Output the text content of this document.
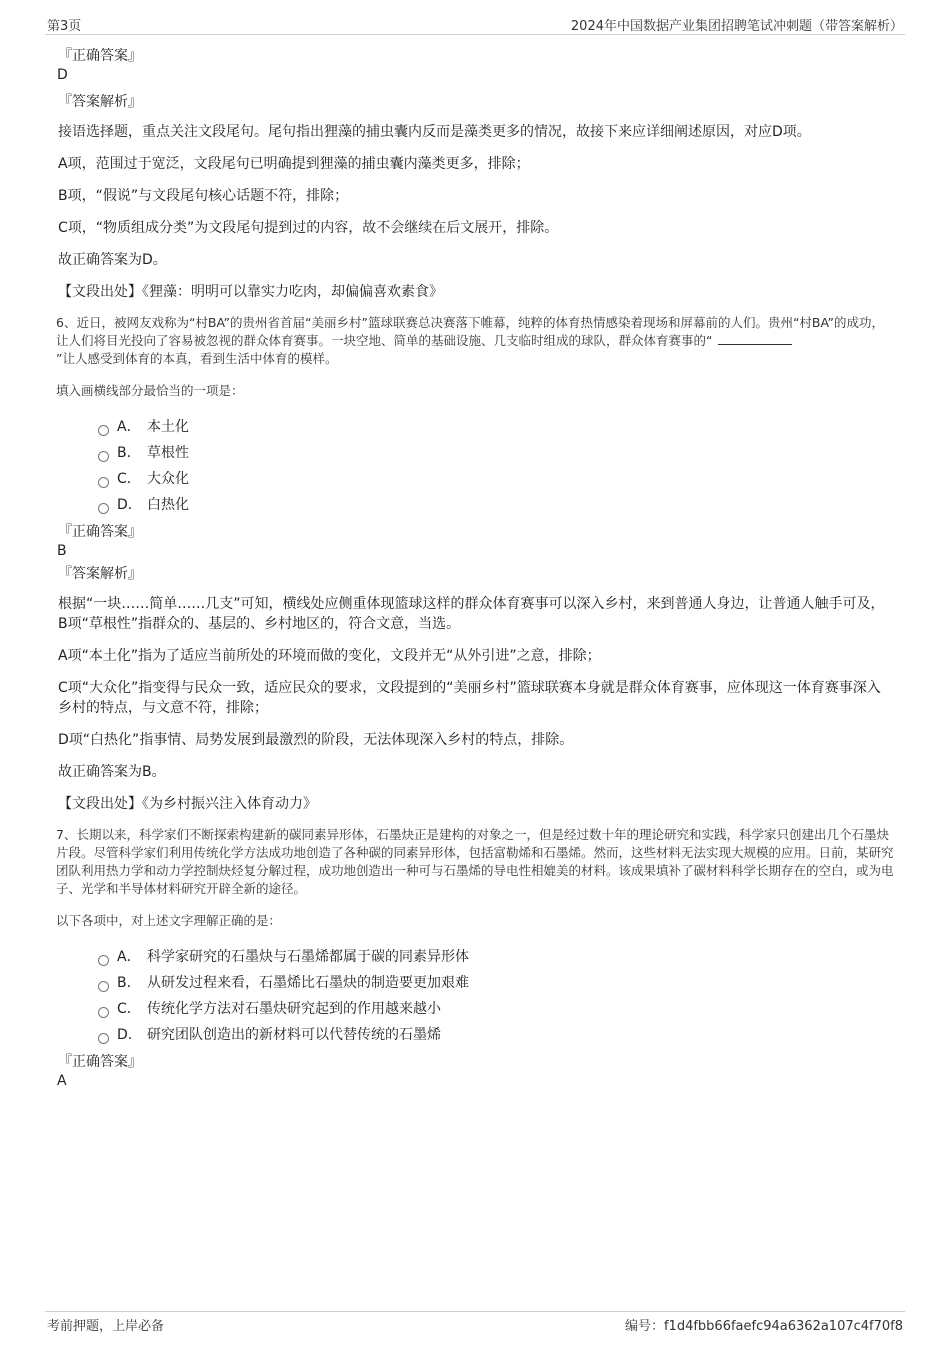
第3页	2024年中国数据产业集团招聘笔试冲刺题（带答案解析）
『正确答案』
D
『答案解析』

接语选择题，重点关注文段尾句。尾句指出狸藻的捕虫囊内反而是藻类更多的情况，故接下来应详细阐述原因，对应D项。

A项，范围过于宽泛，文段尾句已明确提到狸藻的捕虫囊内藻类更多，排除；

B项，“假说”与文段尾句核心话题不符，排除；

C项，“物质组成分类”为文段尾句提到过的内容，故不会继续在后文展开，排除。

故正确答案为D。

【文段出处】《狸藻：明明可以靠实力吃肉，却偏偏喜欢素食》

6、近日，被网友戏称为“村BA”的贵州省首届“美丽乡村”篮球联赛总决赛落下帷幕，纯粹的体育热情感染着现场和屏幕前的人们。贵州“村BA”的成功，让人们将目光投向了容易被忽视的群众体育赛事。一块空地、简单的基础设施、几支临时组成的球队，群众体育赛事的“
”让人感受到体育的本真，看到生活中体育的模样。

填入画横线部分最恰当的一项是：

A． 本土化
B． 草根性
C． 大众化
D． 白热化
『正确答案』
B
『答案解析』

根据“一块……简单……几支”可知，横线处应侧重体现篮球这样的群众体育赛事可以深入乡村，来到普通人身边，让普通人触手可及，B项“草根性”指群众的、基层的、乡村地区的，符合文意，当选。

A项“本土化”指为了适应当前所处的环境而做的变化，文段并无“从外引进”之意，排除；

C项“大众化”指变得与民众一致，适应民众的要求，文段提到的“美丽乡村”篮球联赛本身就是群众体育赛事，应体现这一体育赛事深入乡村的特点，与文意不符，排除；

D项“白热化”指事情、局势发展到最激烈的阶段，无法体现深入乡村的特点，排除。

故正确答案为B。

【文段出处】《为乡村振兴注入体育动力》

7、长期以来，科学家们不断探索构建新的碳同素异形体，石墨炔正是建构的对象之一，但是经过数十年的理论研究和实践，科学家只创建出几个石墨炔片段。尽管科学家们利用传统化学方法成功地创造了各种碳的同素异形体，包括富勒烯和石墨烯。然而，这些材料无法实现大规模的应用。日前，某研究团队利用热力学和动力学控制炔烃复分解过程，成功地创造出一种可与石墨烯的导电性相媲美的材料。该成果填补了碳材料科学长期存在的空白，或为电子、光学和半导体材料研究开辟全新的途径。

以下各项中，对上述文字理解正确的是：

A． 科学家研究的石墨炔与石墨烯都属于碳的同素异形体
B． 从研发过程来看，石墨烯比石墨炔的制造要更加艰难
C． 传统化学方法对石墨炔研究起到的作用越来越小
D． 研究团队创造出的新材料可以代替传统的石墨烯
『正确答案』
A
考前押题，上岸必备	编号：f1d4fbb66faefc94a6362a107c4f70f8
